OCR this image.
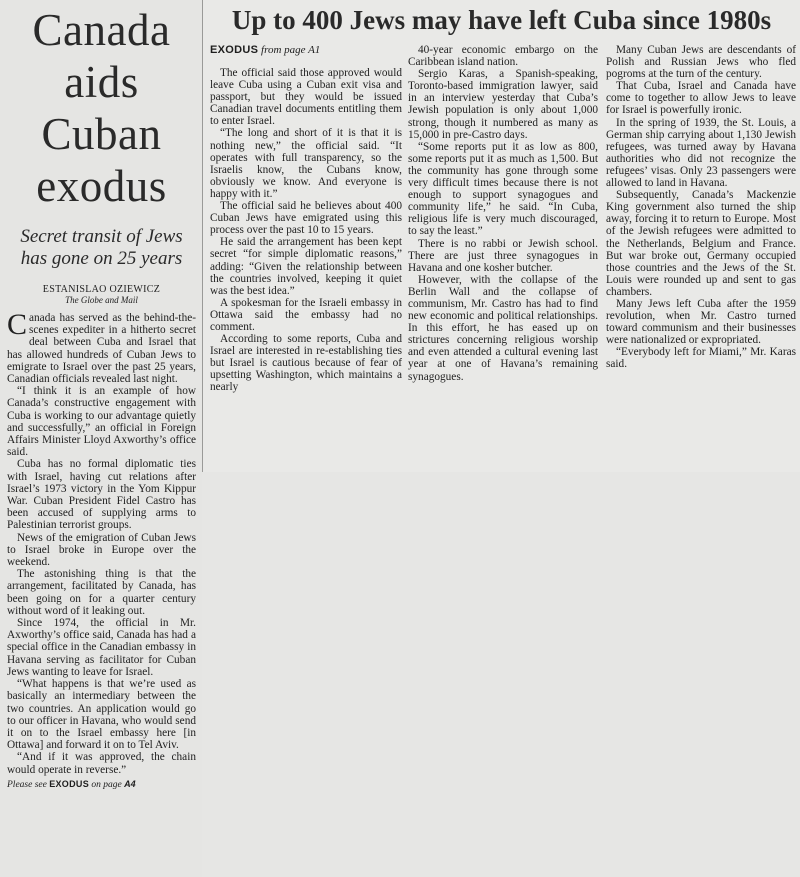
Canada
aids
Cuban
exodus
Secret transit of Jews has gone on 25 years
ESTANISLAO OZIEWICZ
The Globe and Mail

Canada has served as the behind-the-scenes expediter in a hitherto secret deal between Cuba and Israel that has allowed hundreds of Cuban Jews to emigrate to Israel over the past 25 years, Canadian officials revealed last night.

“I think it is an example of how Canada’s constructive engagement with Cuba is working to our advantage quietly and successfully,” an official in Foreign Affairs Minister Lloyd Axworthy’s office said.

Cuba has no formal diplomatic ties with Israel, having cut relations after Israel’s 1973 victory in the Yom Kippur War. Cuban President Fidel Castro has been accused of supplying arms to Palestinian terrorist groups.

News of the emigration of Cuban Jews to Israel broke in Europe over the weekend.

The astonishing thing is that the arrangement, facilitated by Canada, has been going on for a quarter century without word of it leaking out.

Since 1974, the official in Mr. Axworthy’s office said, Canada has had a special office in the Canadian embassy in Havana serving as facilitator for Cuban Jews wanting to leave for Israel.

“What happens is that we’re used as basically an intermediary between the two countries. An application would go to our officer in Havana, who would send it on to the Israel embassy here [in Ottawa] and forward it on to Tel Aviv.

“And if it was approved, the chain would operate in reverse.”

Please see EXODUS on page A4
Up to 400 Jews may have left Cuba since 1980s
EXODUS from page A1

The official said those approved would leave Cuba using a Cuban exit visa and passport, but they would be issued Canadian travel documents entitling them to enter Israel.

“The long and short of it is that it is nothing new,” the official said. “It operates with full transparency, so the Israelis know, the Cubans know, obviously we know. And everyone is happy with it.”

The official said he believes about 400 Cuban Jews have emigrated using this process over the past 10 to 15 years.

He said the arrangement has been kept secret “for simple diplomatic reasons,” adding: “Given the relationship between the countries involved, keeping it quiet was the best idea.”

A spokesman for the Israeli embassy in Ottawa said the embassy had no comment.

According to some reports, Cuba and Israel are interested in re-establishing ties but Israel is cautious because of fear of upsetting Washington, which maintains a nearly

40-year economic embargo on the Caribbean island nation.

Sergio Karas, a Spanish-speaking, Toronto-based immigration lawyer, said in an interview yesterday that Cuba’s Jewish population is only about 1,000 strong, though it numbered as many as 15,000 in pre-Castro days.

“Some reports put it as low as 800, some reports put it as much as 1,500. But the community has gone through some very difficult times because there is not enough to support synagogues and community life,” he said. “In Cuba, religious life is very much discouraged, to say the least.”

There is no rabbi or Jewish school. There are just three synagogues in Havana and one kosher butcher.

However, with the collapse of the Berlin Wall and the collapse of communism, Mr. Castro has had to find new economic and political relationships. In this effort, he has eased up on strictures concerning religious worship and even attended a cultural evening last year at one of Havana’s remaining synagogues.

Many Cuban Jews are descendants of Polish and Russian Jews who fled pogroms at the turn of the century.

That Cuba, Israel and Canada have come to together to allow Jews to leave for Israel is powerfully ironic.

In the spring of 1939, the St. Louis, a German ship carrying about 1,130 Jewish refugees, was turned away by Havana authorities who did not recognize the refugees’ visas. Only 23 passengers were allowed to land in Havana.

Subsequently, Canada’s Mackenzie King government also turned the ship away, forcing it to return to Europe. Most of the Jewish refugees were admitted to the Netherlands, Belgium and France. But war broke out, Germany occupied those countries and the Jews of the St. Louis were rounded up and sent to gas chambers.

Many Jews left Cuba after the 1959 revolution, when Mr. Castro turned toward communism and their businesses were nationalized or expropriated.

“Everybody left for Miami,” Mr. Karas said.
